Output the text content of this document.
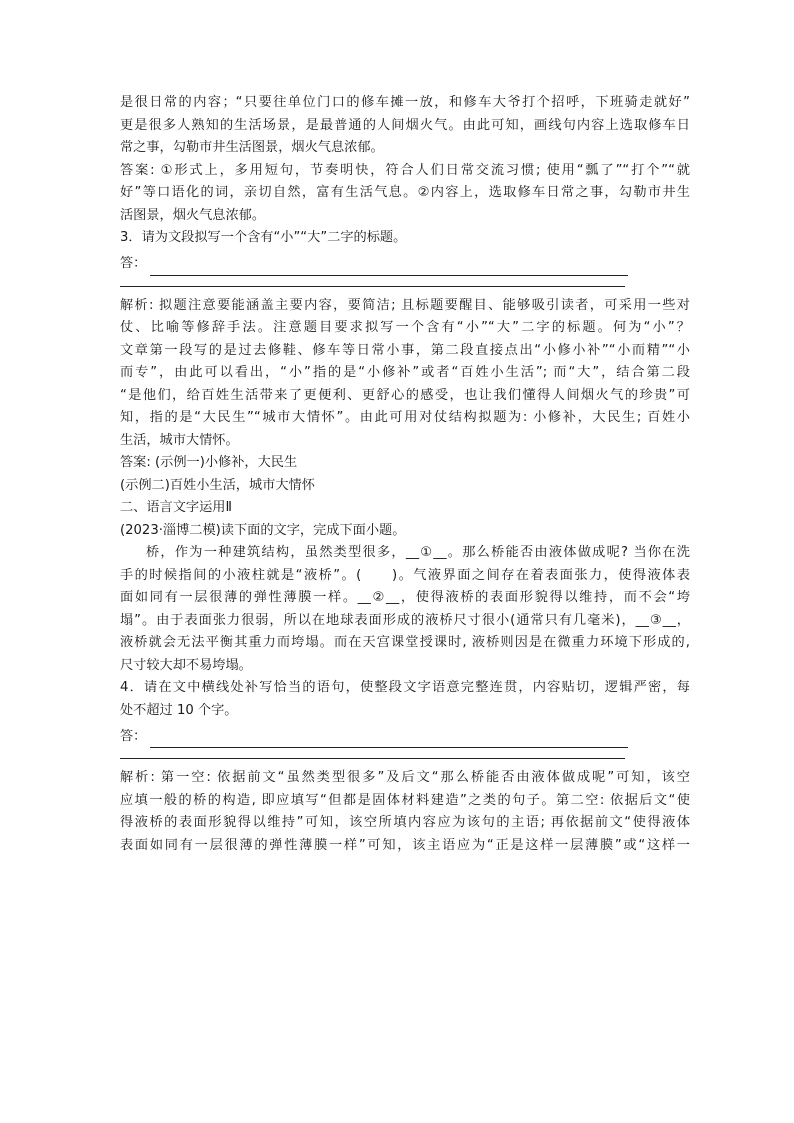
是很日常的内容；“只要往单位门口的修车摊一放，和修车大爷打个招呼，下班骑走就好”
更是很多人熟知的生活场景，是最普通的人间烟火气。由此可知，画线句内容上选取修车日
常之事，勾勒市井生活图景，烟火气息浓郁。
答案: ①形式上，多用短句，节奏明快，符合人们日常交流习惯; 使用“瓢了”“打个”“就
好”等口语化的词，亲切自然，富有生活气息。②内容上，选取修车日常之事，勾勒市井生
活图景，烟火气息浓郁。
3．请为文段拟写一个含有“小”“大”二字的标题。
答：
解析: 拟题注意要能涵盖主要内容，要简洁; 且标题要醒目、能够吸引读者，可采用一些对
仗、比喻等修辞手法。注意题目要求拟写一个含有“小”“大”二字的标题。何为“小”？
文章第一段写的是过去修鞋、修车等日常小事，第二段直接点出“小修小补”“小而精”“小
而专”，由此可以看出，“小”指的是“小修补”或者“百姓小生活”; 而“大”，结合第二段
“是他们，给百姓生活带来了更便利、更舒心的感受，也让我们懂得人间烟火气的珍贵”可
知，指的是“大民生”“城市大情怀”。由此可用对仗结构拟题为: 小修补，大民生; 百姓小
生活，城市大情怀。
答案: (示例一)小修补，大民生
(示例二)百姓小生活，城市大情怀
二、语言文字运用Ⅱ
(2023·淄博二模)读下面的文字，完成下面小题。
桥，作为一种建筑结构，虽然类型很多，__①__。那么桥能否由液体做成呢? 当你在洗
手的时候指间的小液柱就是“液桥”。(　　)。气液界面之间存在着表面张力，使得液体表
面如同有一层很薄的弹性薄膜一样。__②__，使得液桥的表面形貌得以维持，而不会“垮
塌”。由于表面张力很弱，所以在地球表面形成的液桥尺寸很小(通常只有几毫米)，__③__，
液桥就会无法平衡其重力而垮塌。而在天宫课堂授课时, 液桥则因是在微重力环境下形成的,
尺寸较大却不易垮塌。
4．请在文中横线处补写恰当的语句，使整段文字语意完整连贯，内容贴切，逻辑严密，每
处不超过 10 个字。
答：
解析: 第一空: 依据前文“虽然类型很多”及后文“那么桥能否由液体做成呢”可知，该空
应填一般的桥的构造, 即应填写“但都是固体材料建造”之类的句子。第二空: 依据后文“使
得液桥的表面形貌得以维持”可知，该空所填内容应为该句的主语; 再依据前文“使得液体
表面如同有一层很薄的弹性薄膜一样”可知，该主语应为“正是这样一层薄膜”或“这样一
